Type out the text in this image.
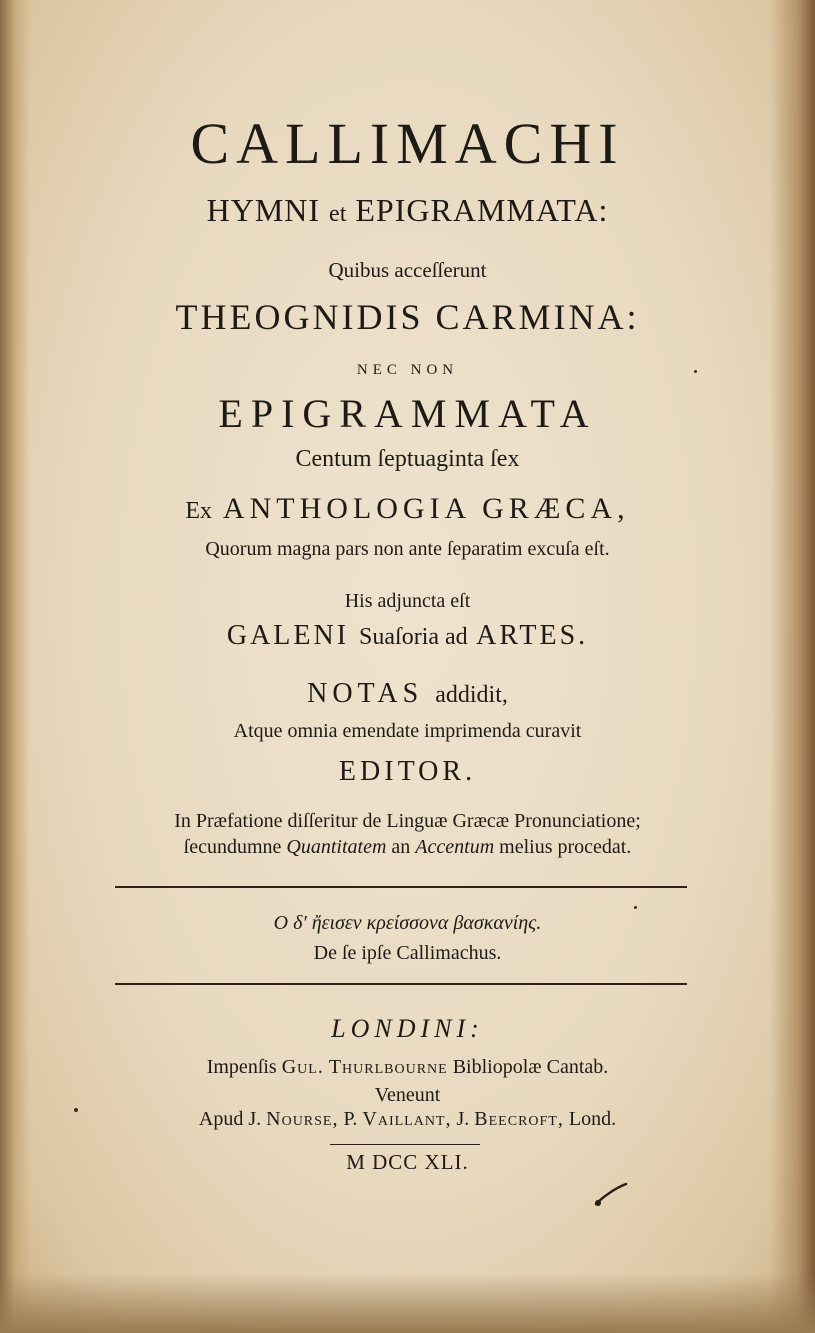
CALLIMACHI
HYMNI et EPIGRAMMATA:
Quibus acceſſerunt
THEOGNIDIS CARMINA:
NEC NON
EPIGRAMMATA
Centum ſeptuaginta ſex
Ex ANTHOLOGIA GRÆCA,
Quorum magna pars non ante ſeparatim excuſa eſt.
His adjuncta eſt
GALENI Suaſoria ad ARTES.
NOTAS addidit,
Atque omnia emendate imprimenda curavit
EDITOR.
In Præfatione diſſeritur de Linguæ Græcæ Pronunciatione;
ſecundumne Quantitatem an Accentum melius procedat.
Ο δ' ἤεισεν κρείσσονα βασκανίης.
De ſe ipſe Callimachus.
LONDINI:
Impenſis Gul. Thurlbourne Bibliopolæ Cantab.
Veneunt
Apud J. Nourse, P. Vaillant, J. Beecroft, Lond.
M DCC XLI.
